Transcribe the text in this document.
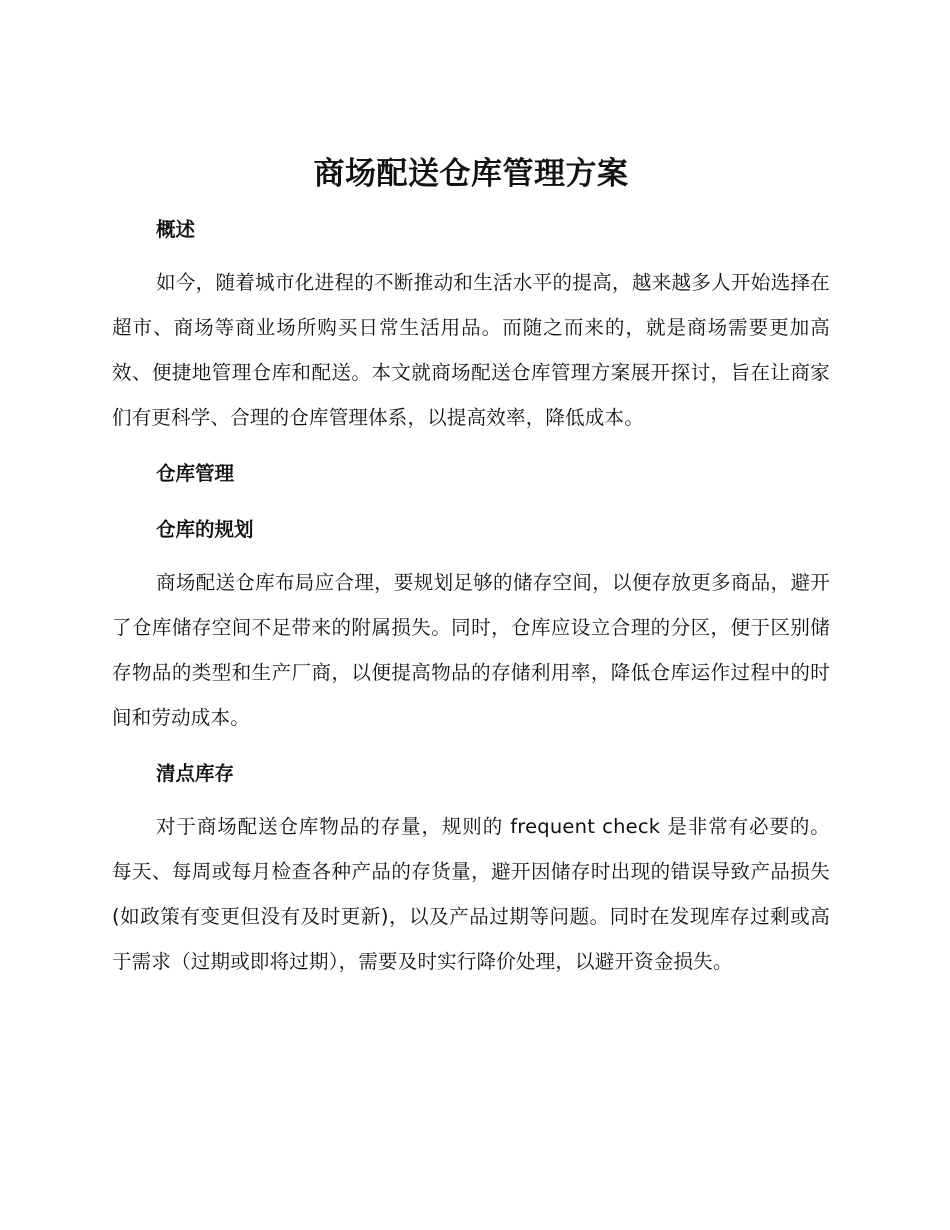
商场配送仓库管理方案
概述

如今，随着城市化进程的不断推动和生活水平的提高，越来越多人开始选择在超市、商场等商业场所购买日常生活用品。而随之而来的，就是商场需要更加高效、便捷地管理仓库和配送。本文就商场配送仓库管理方案展开探讨，旨在让商家们有更科学、合理的仓库管理体系，以提高效率，降低成本。

仓库管理
仓库的规划

商场配送仓库布局应合理，要规划足够的储存空间，以便存放更多商品，避开了仓库储存空间不足带来的附属损失。同时，仓库应设立合理的分区，便于区别储存物品的类型和生产厂商，以便提高物品的存储利用率，降低仓库运作过程中的时间和劳动成本。

清点库存

对于商场配送仓库物品的存量，规则的 frequent check 是非常有必要的。每天、每周或每月检查各种产品的存货量，避开因储存时出现的错误导致产品损失(如政策有变更但没有及时更新)，以及产品过期等问题。同时在发现库存过剩或高于需求（过期或即将过期），需要及时实行降价处理，以避开资金损失。
